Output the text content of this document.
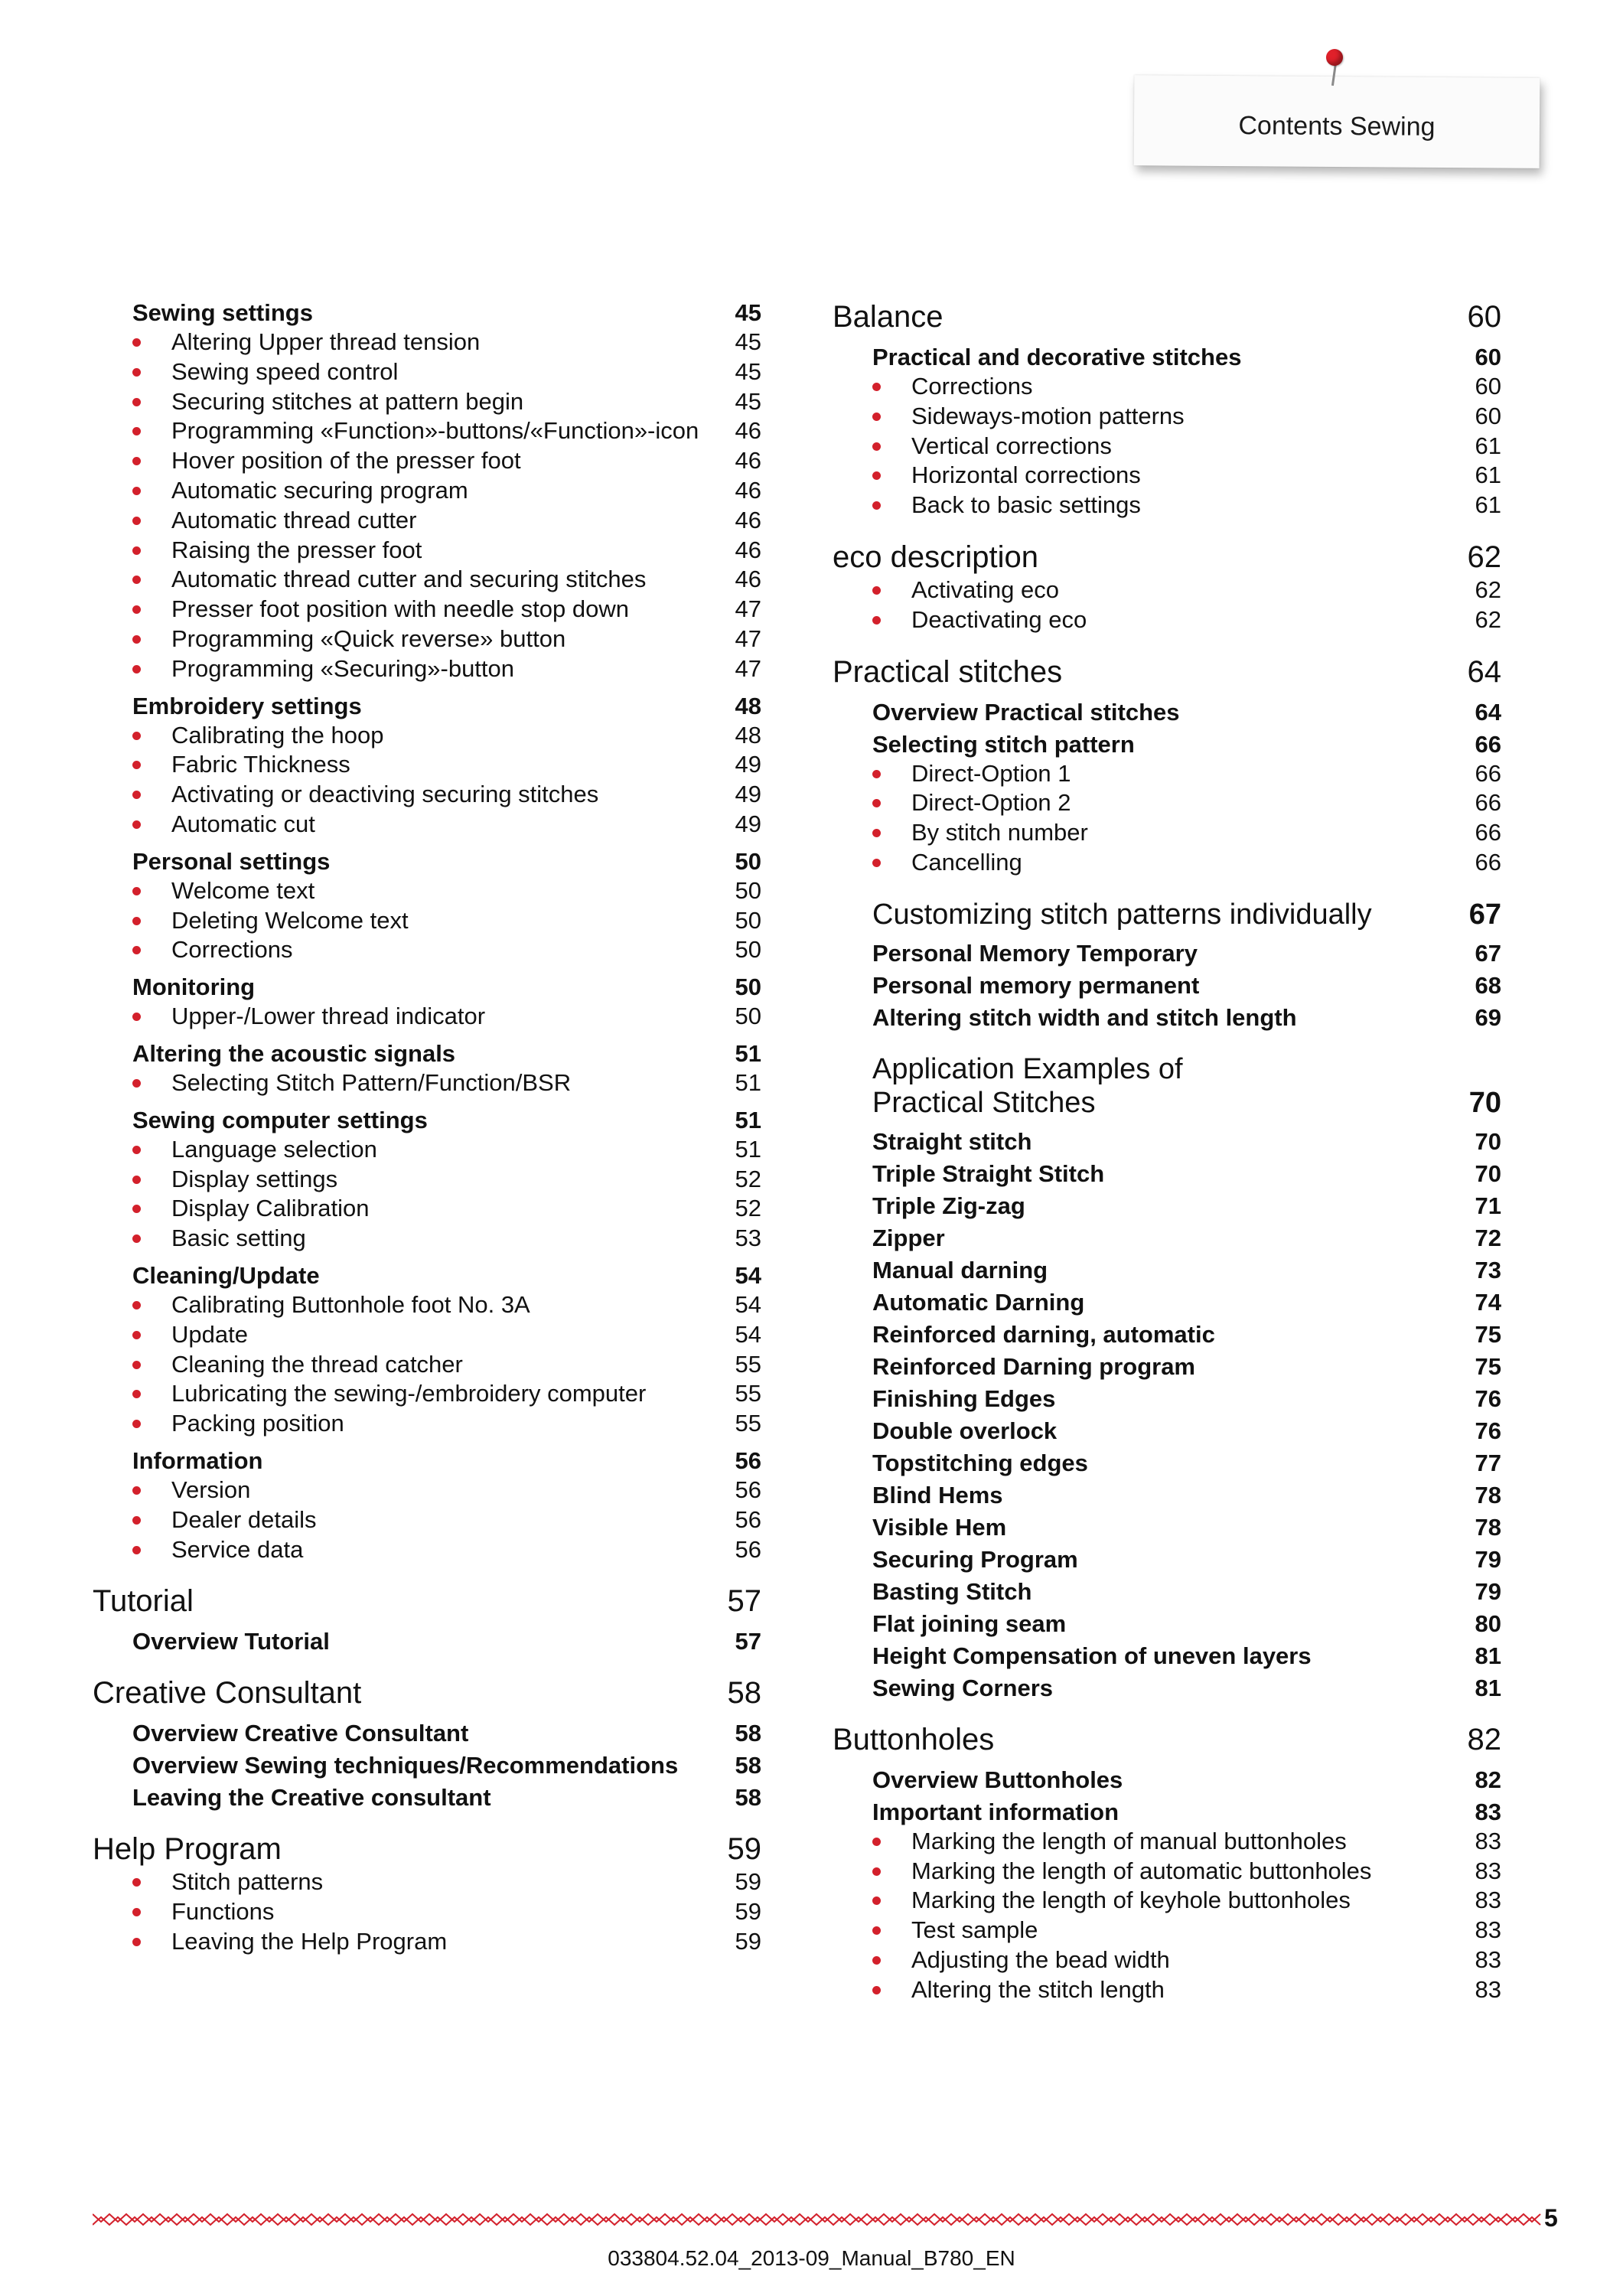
Contents Sewing
Sewing settings	45
Altering Upper thread tension	45
Sewing speed control	45
Securing stitches at pattern begin	45
Programming «Function»-buttons/«Function»-icon	46
Hover position of the presser foot	46
Automatic securing program	46
Automatic thread cutter	46
Raising the presser foot	46
Automatic thread cutter and securing stitches	46
Presser foot position with needle stop down	47
Programming «Quick reverse» button	47
Programming «Securing»-button	47
Embroidery settings	48
Calibrating the hoop	48
Fabric Thickness	49
Activating or deactiving securing stitches	49
Automatic cut	49
Personal settings	50
Welcome text	50
Deleting Welcome text	50
Corrections	50
Monitoring	50
Upper-/Lower thread indicator	50
Altering the acoustic signals	51
Selecting Stitch Pattern/Function/BSR	51
Sewing computer settings	51
Language selection	51
Display settings	52
Display Calibration	52
Basic setting	53
Cleaning/Update	54
Calibrating Buttonhole foot No. 3A	54
Update	54
Cleaning the thread catcher	55
Lubricating the sewing-/embroidery computer	55
Packing position	55
Information	56
Version	56
Dealer details	56
Service data	56
Tutorial	57
Overview Tutorial	57
Creative Consultant	58
Overview Creative Consultant	58
Overview Sewing techniques/Recommendations	58
Leaving the Creative consultant	58
Help Program	59
Stitch patterns	59
Functions	59
Leaving the Help Program	59
Balance	60
Practical and decorative stitches	60
Corrections	60
Sideways-motion patterns	60
Vertical corrections	61
Horizontal corrections	61
Back to basic settings	61
eco description	62
Activating eco	62
Deactivating eco	62
Practical stitches	64
Overview Practical stitches	64
Selecting stitch pattern	66
Direct-Option 1	66
Direct-Option 2	66
By stitch number	66
Cancelling	66
Customizing stitch patterns individually	67
Personal Memory Temporary	67
Personal memory permanent	68
Altering stitch width and stitch length	69
Application Examples of
Practical Stitches	70
Straight stitch	70
Triple Straight Stitch	70
Triple Zig-zag	71
Zipper	72
Manual darning	73
Automatic Darning	74
Reinforced darning, automatic	75
Reinforced Darning program	75
Finishing Edges	76
Double overlock	76
Topstitching edges	77
Blind Hems	78
Visible Hem	78
Securing Program	79
Basting Stitch	79
Flat joining seam	80
Height Compensation of uneven layers	81
Sewing Corners	81
Buttonholes	82
Overview Buttonholes	82
Important information	83
Marking the length of manual buttonholes	83
Marking the length of automatic buttonholes	83
Marking the length of keyhole buttonholes	83
Test sample	83
Adjusting the bead width	83
Altering the stitch length	83
5
033804.52.04_2013-09_Manual_B780_EN
